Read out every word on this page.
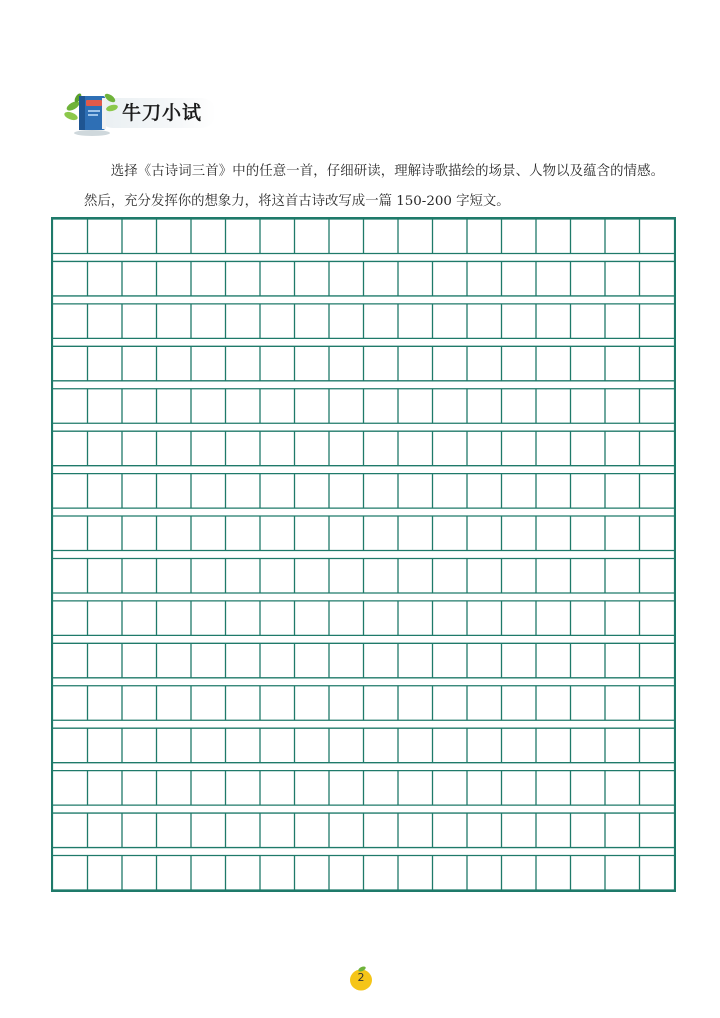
牛刀小试

选择《古诗词三首》中的任意一首，仔细研读，理解诗歌描绘的场景、人物以及蕴含的情感。然后，充分发挥你的想象力，将这首古诗改写成一篇 150-200 字短文。

2
